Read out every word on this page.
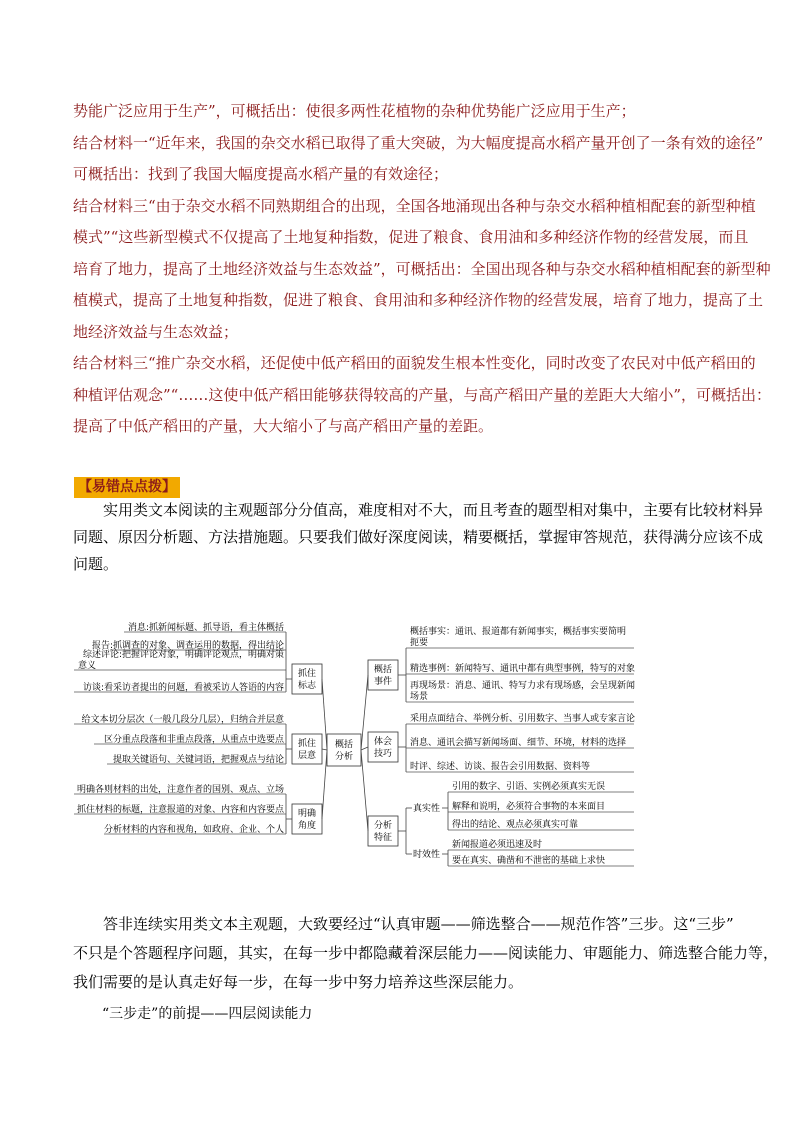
势能广泛应用于生产”，可概括出：使很多两性花植物的杂种优势能广泛应用于生产；

结合材料一“近年来，我国的杂交水稻已取得了重大突破，为大幅度提高水稻产量开创了一条有效的途径”

可概括出：找到了我国大幅度提高水稻产量的有效途径；

结合材料三“由于杂交水稻不同熟期组合的出现，全国各地涌现出各种与杂交水稻种植相配套的新型种植

模式”“这些新型模式不仅提高了土地复种指数，促进了粮食、食用油和多种经济作物的经营发展，而且

培育了地力，提高了土地经济效益与生态效益”，可概括出：全国出现各种与杂交水稻种植相配套的新型种

植模式，提高了土地复种指数，促进了粮食、食用油和多种经济作物的经营发展，培育了地力，提高了土

地经济效益与生态效益；

结合材料三“推广杂交水稻，还促使中低产稻田的面貌发生根本性变化，同时改变了农民对中低产稻田的

种植评估观念”“……这使中低产稻田能够获得较高的产量，与高产稻田产量的差距大大缩小”，可概括出：

提高了中低产稻田的产量，大大缩小了与高产稻田产量的差距。

【易错点点拨】

实用类文本阅读的主观题部分分值高，难度相对不大，而且考查的题型相对集中，主要有比较材料异

同题、原因分析题、方法措施题。只要我们做好深度阅读，精要概括，掌握审答规范，获得满分应该不成

问题。

概括
分析
抓住
标志
消息:抓新闻标题、抓导语，看主体概括
报告:抓调查的对象、调查运用的数据，得出结论
综述评论:把握评论对象，明确评论观点，明确对策
意义
访谈:看采访者提出的问题，看被采访人答语的内容
抓住
层意
给文本切分层次（一般几段分几层），归纳合并层意
区分重点段落和非重点段落，从重点中选要点
提取关键语句、关键词语，把握观点与结论
明确
角度
明确各则材料的出处，注意作者的国别、观点、立场
抓住材料的标题，注意报道的对象、内容和内容要点
分析材料的内容和视角，如政府、企业、个人
概括
事件
概括事实：通讯、报道都有新闻事实，概括事实要简明
扼要
精选事例：新闻特写、通讯中都有典型事例，特写的对象
再现场景：消息、通讯、特写力求有现场感，会呈现新闻
场景
体会
技巧
采用点面结合、举例分析、引用数字、当事人或专家言论
消息、通讯会描写新闻场面、细节、环境，材料的选择
时评、综述、访谈、报告会引用数据、资料等
分析
特征
真实性
引用的数字、引语、实例必须真实无误
解释和说明，必须符合事物的本来面目
得出的结论、观点必须真实可靠
时效性
新闻报道必须迅速及时
要在真实、确凿和不泄密的基础上求快

答非连续实用类文本主观题，大致要经过“认真审题——筛选整合——规范作答”三步。这“三步”

不只是个答题程序问题，其实，在每一步中都隐藏着深层能力——阅读能力、审题能力、筛选整合能力等，

我们需要的是认真走好每一步，在每一步中努力培养这些深层能力。

“三步走”的前提——四层阅读能力
